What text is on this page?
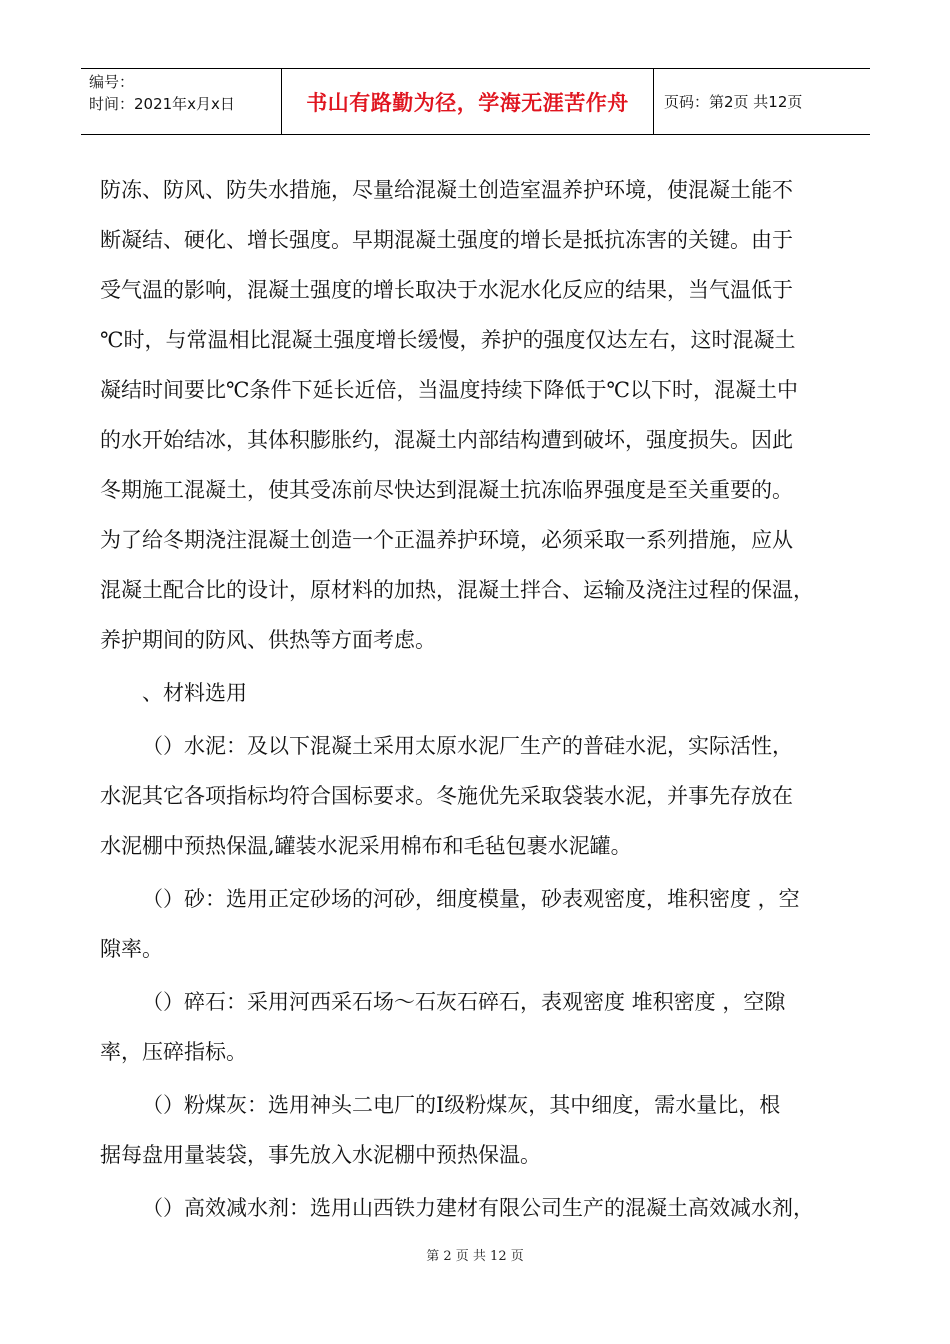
编号：
时间：2021年x月x日	书山有路勤为径，学海无涯苦作舟	页码：第2页 共12页
防冻、防风、防失水措施，尽量给混凝土创造室温养护环境，使混凝土能不
断凝结、硬化、增长强度。早期混凝土强度的增长是抵抗冻害的关键。由于
受气温的影响，混凝土强度的增长取决于水泥水化反应的结果，当气温低于
℃时，与常温相比混凝土强度增长缓慢，养护的强度仅达左右，这时混凝土
凝结时间要比℃条件下延长近倍，当温度持续下降低于℃以下时，混凝土中
的水开始结冰，其体积膨胀约，混凝土内部结构遭到破坏，强度损失。因此
冬期施工混凝土，使其受冻前尽快达到混凝土抗冻临界强度是至关重要的。
为了给冬期浇注混凝土创造一个正温养护环境，必须采取一系列措施，应从
混凝土配合比的设计，原材料的加热，混凝土拌合、运输及浇注过程的保温，
养护期间的防风、供热等方面考虑。
、材料选用
（）水泥：及以下混凝土采用太原水泥厂生产的普硅水泥，实际活性，
水泥其它各项指标均符合国标要求。冬施优先采取袋装水泥，并事先存放在
水泥棚中预热保温,罐装水泥采用棉布和毛毡包裹水泥罐。
（）砂：选用正定砂场的河砂，细度模量，砂表观密度，堆积密度 ，空
隙率。
（）碎石：采用河西采石场～石灰石碎石，表观密度 堆积密度 ，空隙
率，压碎指标。
（）粉煤灰：选用神头二电厂的Ⅰ级粉煤灰，其中细度，需水量比，根
据每盘用量装袋，事先放入水泥棚中预热保温。
（）高效减水剂：选用山西铁力建材有限公司生产的混凝土高效减水剂，
第 2 页 共 12 页
